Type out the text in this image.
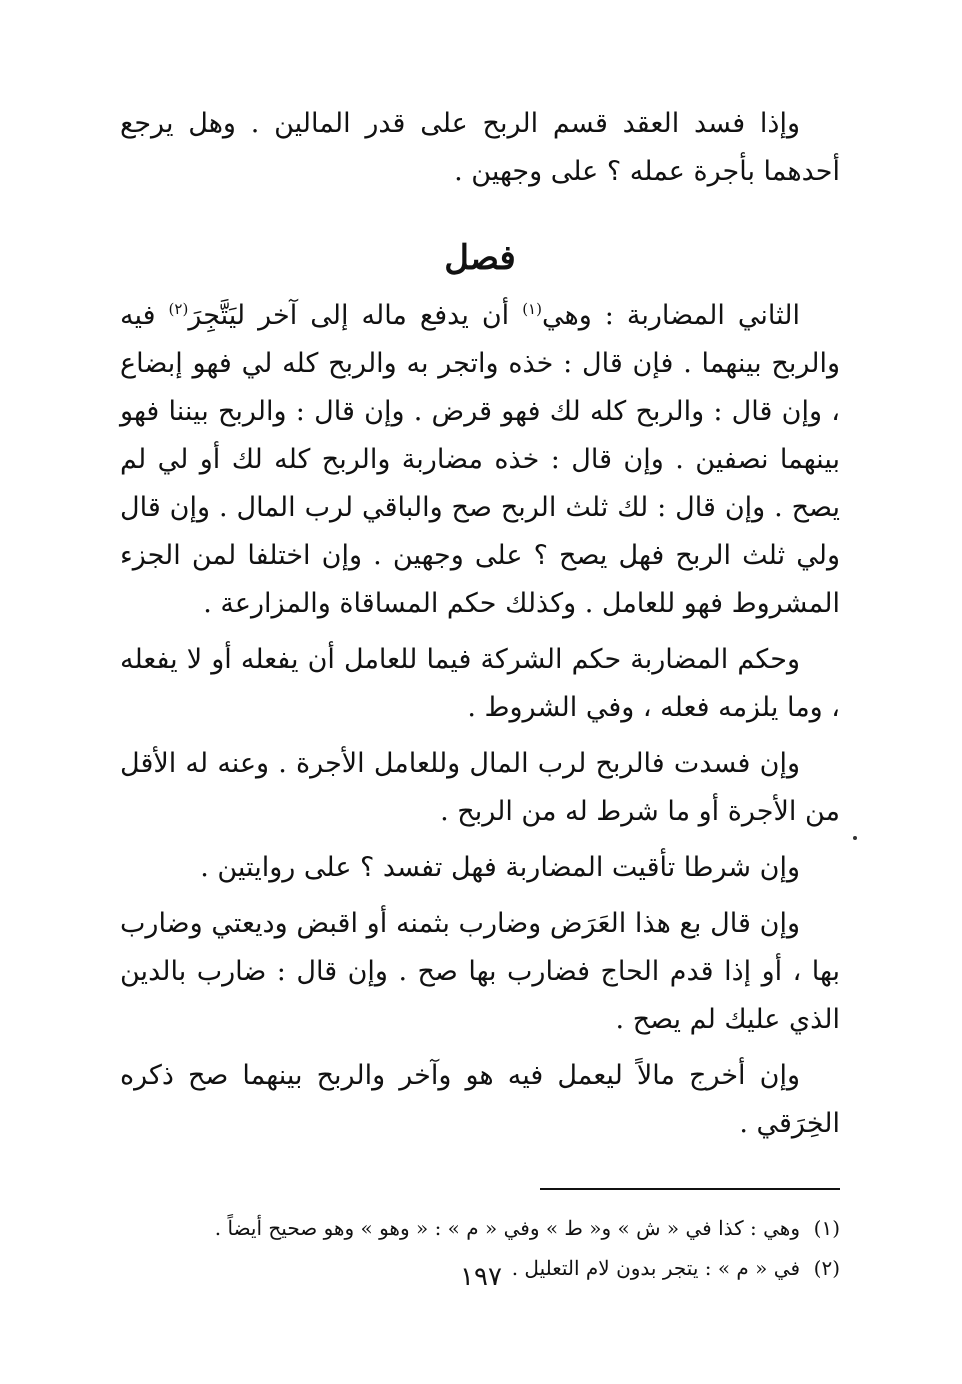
وإذا فسد العقد قسم الربح على قدر المالين . وهل يرجع أحدهما بأجرة عمله ؟ على وجهين .

فصل

الثاني المضاربة : وهي$^{(١)}$ أن يدفع ماله إلى آخر ليَتَّجِرَ$^{(٢)}$ فيه والربح بينهما . فإن قال : خذه واتجر به والربح كله لي فهو إبضاع ، وإن قال : والربح كله لك فهو قرض . وإن قال : والربح بيننا فهو بينهما نصفين . وإن قال : خذه مضاربة والربح كله لك أو لي لم يصح . وإن قال : لك ثلث الربح صح والباقي لرب المال . وإن قال ولي ثلث الربح فهل يصح ؟ على وجهين . وإن اختلفا لمن الجزء المشروط فهو للعامل . وكذلك حكم المساقاة والمزارعة .

وحكم المضاربة حكم الشركة فيما للعامل أن يفعله أو لا يفعله ، وما يلزمه فعله ، وفي الشروط .

وإن فسدت فالربح لرب المال وللعامل الأجرة . وعنه له الأقل من الأجرة أو ما شرط له من الربح .

وإن شرطا تأقيت المضاربة فهل تفسد ؟ على روايتين .

وإن قال بع هذا العَرَض وضارب بثمنه أو اقبض وديعتي وضارب بها ، أو إذا قدم الحاج فضارب بها صح . وإن قال : ضارب بالدين الذي عليك لم يصح .

وإن أخرج مالاً ليعمل فيه هو وآخر والربح بينهما صح ذكره الخِرَقي .

(١)
وهي : كذا في « ش » و« ط » وفي « م » : « وهو » وهو صحيح أيضاً .
(٢)
في « م » : يتجر بدون لام التعليل .
١٩٧
